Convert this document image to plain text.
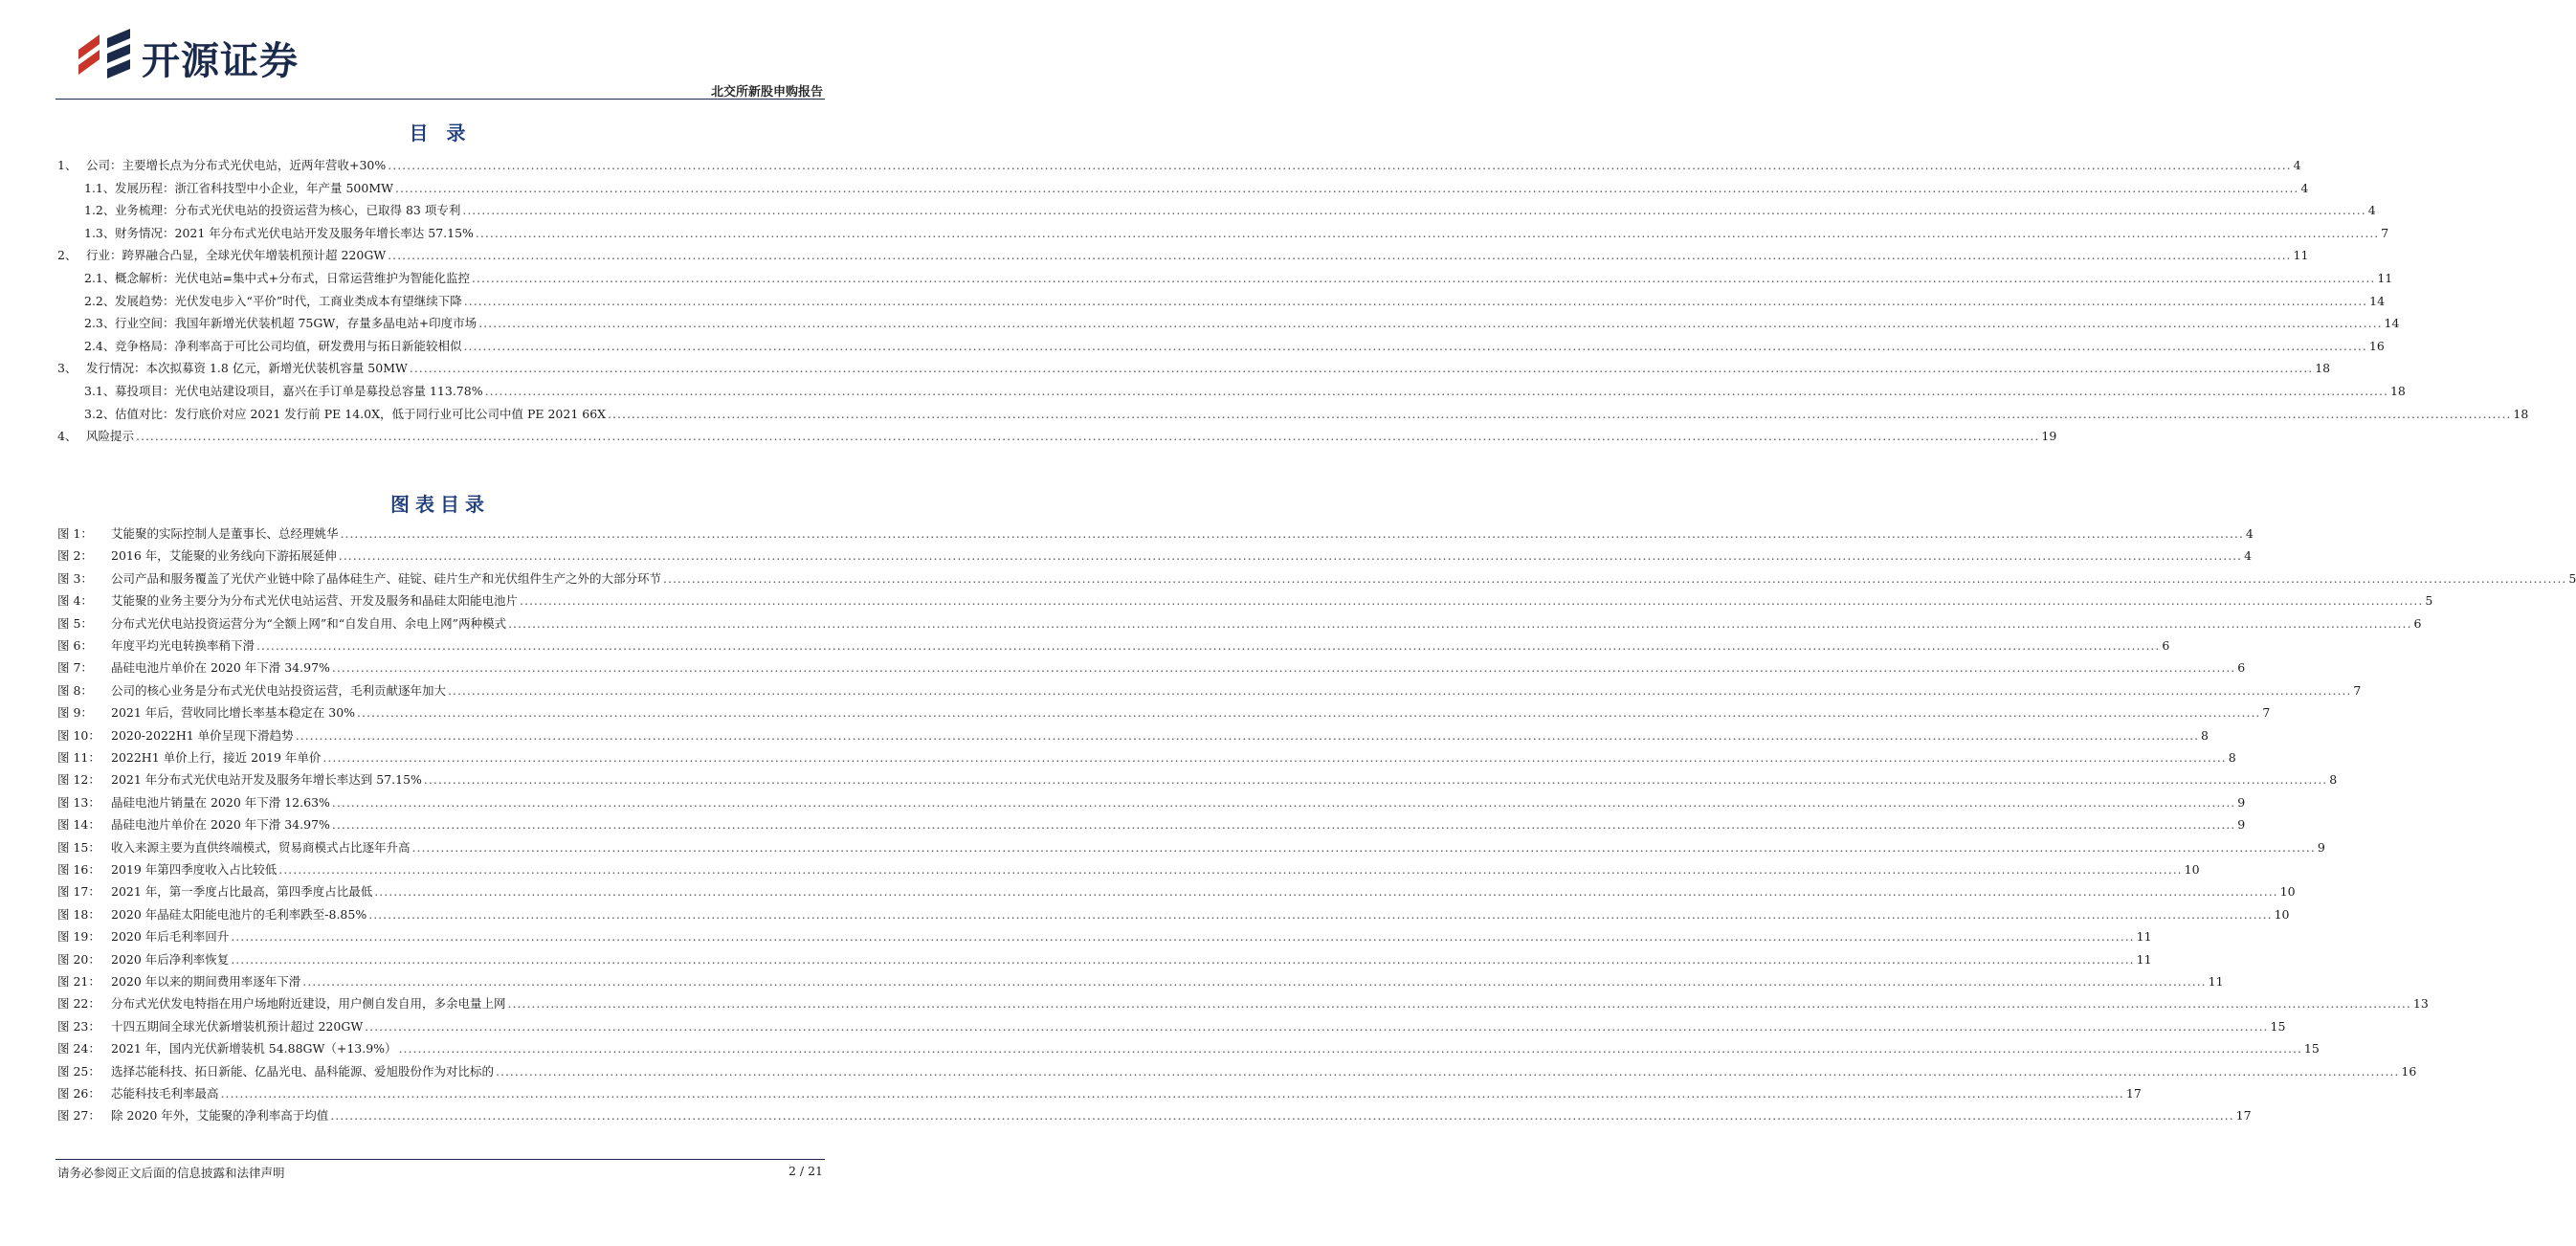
开源证券
北交所新股申购报告
目 录
1、 公司：主要增长点为分布式光伏电站，近两年营收+30% ................................................................................................................................................................................................................................................................................................................................................................................................................ 4
1.1、 发展历程：浙江省科技型中小企业，年产量 500MW ................................................................................................................................................................................................................................................................................................................................................................................................................ 4
1.2、 业务梳理：分布式光伏电站的投资运营为核心，已取得 83 项专利 ................................................................................................................................................................................................................................................................................................................................................................................................................ 4
1.3、 财务情况：2021 年分布式光伏电站开发及服务年增长率达 57.15% ................................................................................................................................................................................................................................................................................................................................................................................................................ 7
2、 行业：跨界融合凸显，全球光伏年增装机预计超 220GW ................................................................................................................................................................................................................................................................................................................................................................................................................ 11
2.1、 概念解析：光伏电站=集中式+分布式，日常运营维护为智能化监控 ................................................................................................................................................................................................................................................................................................................................................................................................................ 11
2.2、 发展趋势：光伏发电步入“平价”时代，工商业类成本有望继续下降 ................................................................................................................................................................................................................................................................................................................................................................................................................ 14
2.3、 行业空间：我国年新增光伏装机超 75GW，存量多晶电站+印度市场 ................................................................................................................................................................................................................................................................................................................................................................................................................ 14
2.4、 竞争格局：净利率高于可比公司均值，研发费用与拓日新能较相似 ................................................................................................................................................................................................................................................................................................................................................................................................................ 16
3、 发行情况：本次拟募资 1.8 亿元，新增光伏装机容量 50MW ................................................................................................................................................................................................................................................................................................................................................................................................................ 18
3.1、 募投项目：光伏电站建设项目，嘉兴在手订单是募投总容量 113.78% ................................................................................................................................................................................................................................................................................................................................................................................................................ 18
3.2、 估值对比：发行底价对应 2021 发行前 PE 14.0X，低于同行业可比公司中值 PE 2021 66X ................................................................................................................................................................................................................................................................................................................................................................................................................ 18
4、 风险提示 ................................................................................................................................................................................................................................................................................................................................................................................................................ 19
图表目录
图 1：	艾能聚的实际控制人是董事长、总经理姚华 ................................................................................................................................................................................................................................................................................................................................................................................................................ 4
图 2：	2016 年，艾能聚的业务线向下游拓展延伸 ................................................................................................................................................................................................................................................................................................................................................................................................................ 4
图 3：	公司产品和服务覆盖了光伏产业链中除了晶体硅生产、硅锭、硅片生产和光伏组件生产之外的大部分环节 ................................................................................................................................................................................................................................................................................................................................................................................................................ 5
图 4：	艾能聚的业务主要分为分布式光伏电站运营、开发及服务和晶硅太阳能电池片 ................................................................................................................................................................................................................................................................................................................................................................................................................ 5
图 5：	分布式光伏电站投资运营分为“全额上网”和“自发自用、余电上网”两种模式 ................................................................................................................................................................................................................................................................................................................................................................................................................ 6
图 6：	年度平均光电转换率稍下滑 ................................................................................................................................................................................................................................................................................................................................................................................................................ 6
图 7：	晶硅电池片单价在 2020 年下滑 34.97% ................................................................................................................................................................................................................................................................................................................................................................................................................ 6
图 8：	公司的核心业务是分布式光伏电站投资运营，毛利贡献逐年加大 ................................................................................................................................................................................................................................................................................................................................................................................................................ 7
图 9：	2021 年后，营收同比增长率基本稳定在 30% ................................................................................................................................................................................................................................................................................................................................................................................................................ 7
图 10： 2020-2022H1 单价呈现下滑趋势 ................................................................................................................................................................................................................................................................................................................................................................................................................ 8
图 11： 2022H1 单价上行，接近 2019 年单价 ................................................................................................................................................................................................................................................................................................................................................................................................................ 8
图 12： 2021 年分布式光伏电站开发及服务年增长率达到 57.15% ................................................................................................................................................................................................................................................................................................................................................................................................................ 8
图 13： 晶硅电池片销量在 2020 年下滑 12.63% ................................................................................................................................................................................................................................................................................................................................................................................................................ 9
图 14： 晶硅电池片单价在 2020 年下滑 34.97% ................................................................................................................................................................................................................................................................................................................................................................................................................ 9
图 15： 收入来源主要为直供终端模式，贸易商模式占比逐年升高 ................................................................................................................................................................................................................................................................................................................................................................................................................ 9
图 16： 2019 年第四季度收入占比较低 ................................................................................................................................................................................................................................................................................................................................................................................................................ 10
图 17： 2021 年，第一季度占比最高，第四季度占比最低 ................................................................................................................................................................................................................................................................................................................................................................................................................ 10
图 18： 2020 年晶硅太阳能电池片的毛利率跌至-8.85% ................................................................................................................................................................................................................................................................................................................................................................................................................ 10
图 19： 2020 年后毛利率回升 ................................................................................................................................................................................................................................................................................................................................................................................................................ 11
图 20： 2020 年后净利率恢复 ................................................................................................................................................................................................................................................................................................................................................................................................................ 11
图 21： 2020 年以来的期间费用率逐年下滑 ................................................................................................................................................................................................................................................................................................................................................................................................................ 11
图 22： 分布式光伏发电特指在用户场地附近建设，用户侧自发自用，多余电量上网 ................................................................................................................................................................................................................................................................................................................................................................................................................ 13
图 23： 十四五期间全球光伏新增装机预计超过 220GW ................................................................................................................................................................................................................................................................................................................................................................................................................ 15
图 24： 2021 年，国内光伏新增装机 54.88GW（+13.9%） ................................................................................................................................................................................................................................................................................................................................................................................................................ 15
图 25： 选择芯能科技、拓日新能、亿晶光电、晶科能源、爱旭股份作为对比标的 ................................................................................................................................................................................................................................................................................................................................................................................................................ 16
图 26： 芯能科技毛利率最高 ................................................................................................................................................................................................................................................................................................................................................................................................................ 17
图 27： 除 2020 年外，艾能聚的净利率高于均值 ................................................................................................................................................................................................................................................................................................................................................................................................................ 17
请务必参阅正文后面的信息披露和法律声明	2 / 21
